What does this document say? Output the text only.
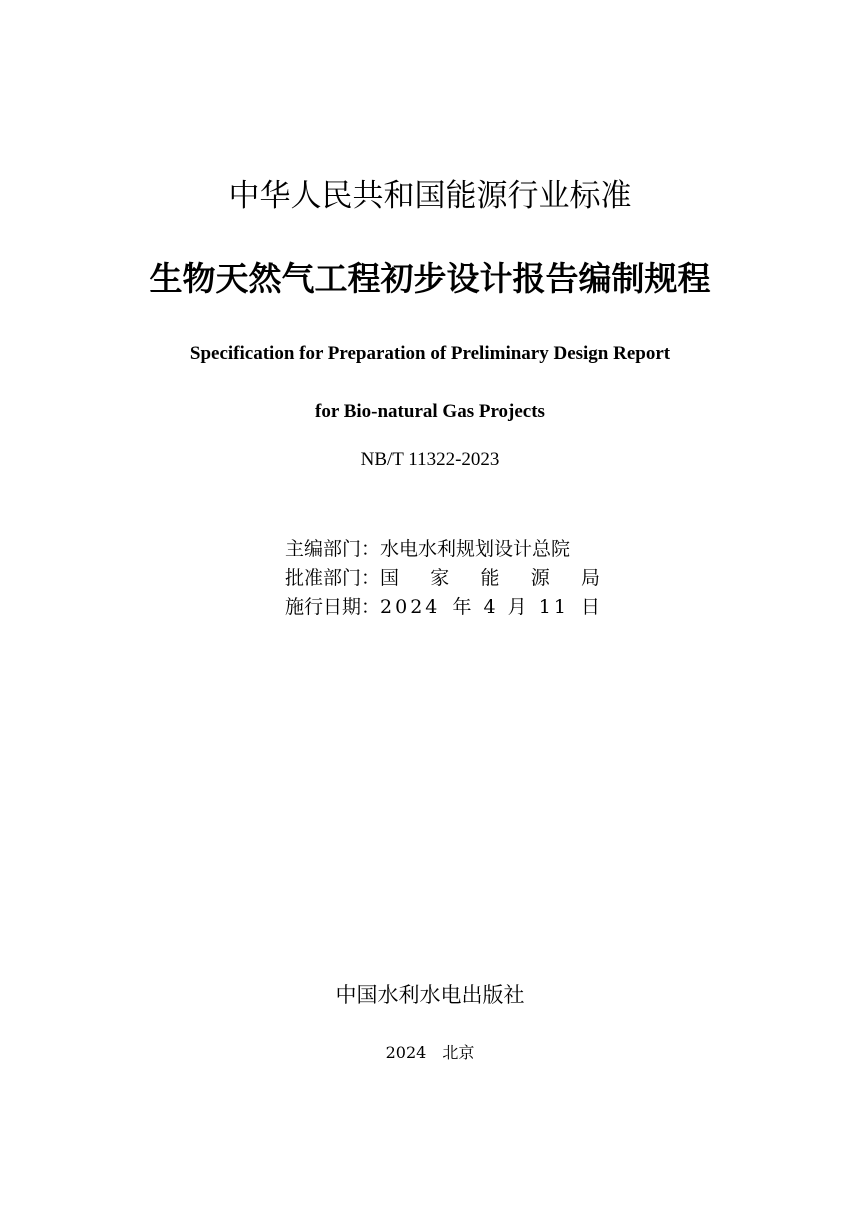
中华人民共和国能源行业标准
生物天然气工程初步设计报告编制规程
Specification for Preparation of Preliminary Design Report
for Bio-natural Gas Projects
NB/T 11322-2023
主编部门： 水电水利规划设计总院
批准部门： 国 家 能 源 局
施行日期： 2024 年 4 月 11 日
中国水利水电出版社
2024 北京
